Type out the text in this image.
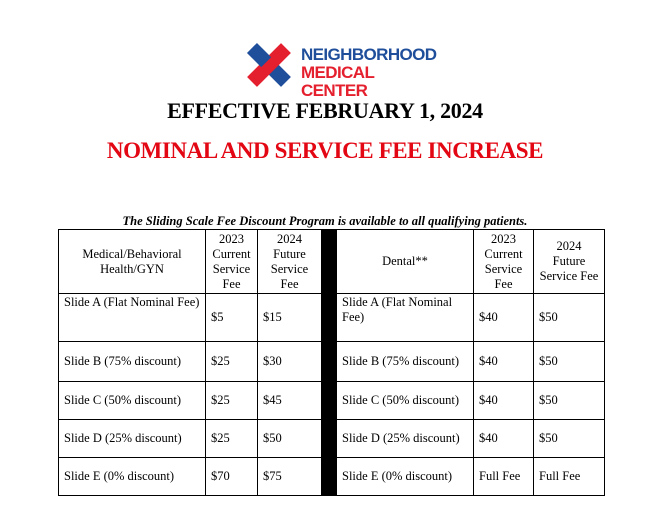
NEIGHBORHOOD
MEDICAL CENTER
EFFECTIVE FEBRUARY 1, 2024
NOMINAL AND SERVICE FEE INCREASE
The Sliding Scale Fee Discount Program is available to all qualifying patients.
Medical/Behavioral Health/GYN	2023 Current Service Fee	2024 Future Service Fee		Dental**	2023 Current Service Fee	2024 Future Service Fee
Slide A (Flat Nominal Fee)	$5	$15		Slide A (Flat Nominal Fee)	$40	$50
Slide B (75% discount)	$25	$30		Slide B (75% discount)	$40	$50
Slide C (50% discount)	$25	$45		Slide C (50% discount)	$40	$50
Slide D (25% discount)	$25	$50		Slide D (25% discount)	$40	$50
Slide E (0% discount)	$70	$75		Slide E (0% discount)	Full Fee	Full Fee
